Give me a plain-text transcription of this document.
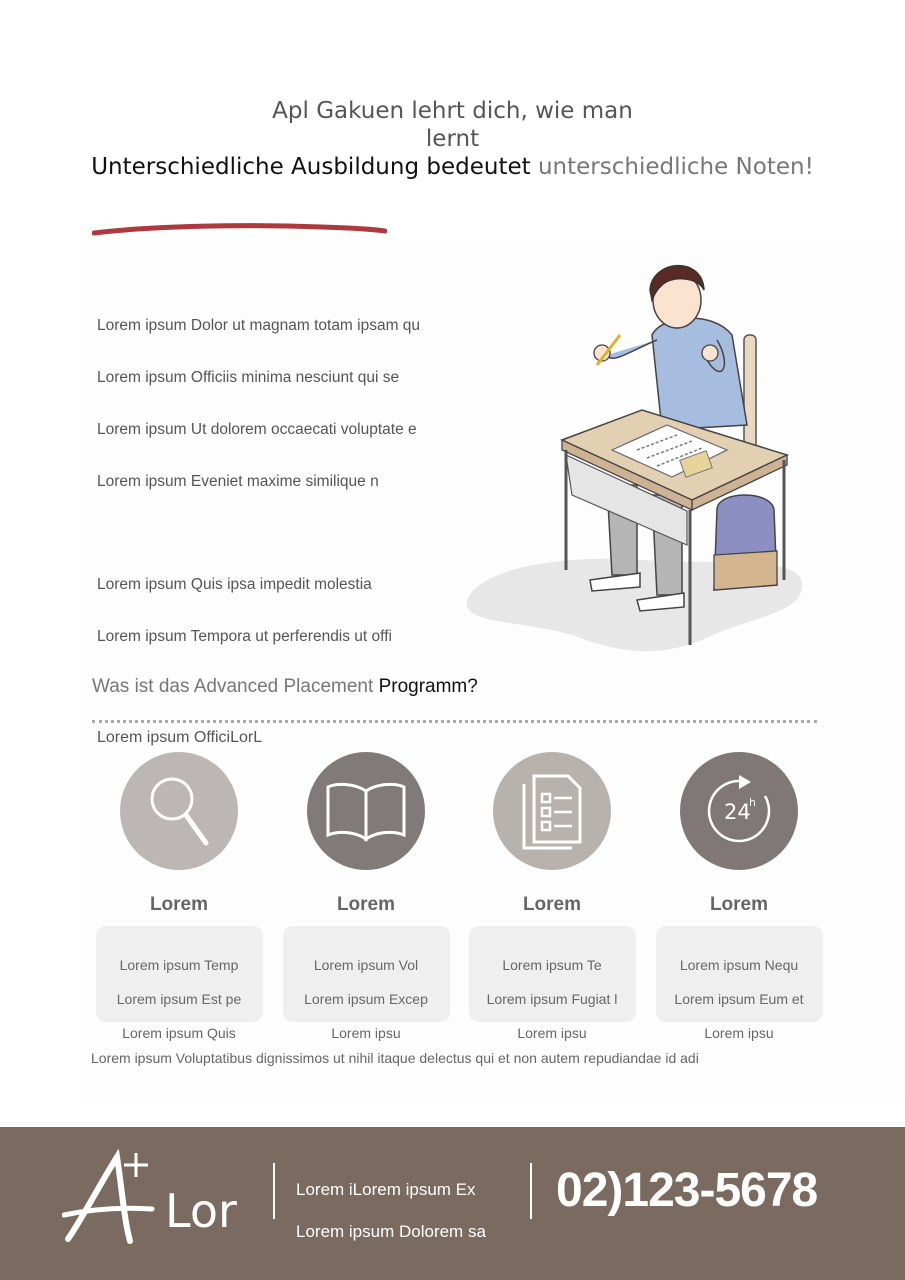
Apl Gakuen lehrt dich, wie man
lernt
Unterschiedliche Ausbildung bedeutet unterschiedliche Noten!
Lorem ipsum Dolor ut magnam totam ipsam qu
Lorem ipsum Officiis minima nesciunt qui se
Lorem ipsum Ut dolorem occaecati voluptate e
Lorem ipsum Eveniet maxime similique n
Lorem ipsum Quis ipsa impedit molestia
Lorem ipsum Tempora ut perferendis ut offi
Was ist das Advanced Placement Programm?
Lorem ipsum OfficiLorL
Lorem
Lorem ipsum Temp
Lorem ipsum Est pe
Lorem ipsum Quis
Lorem
Lorem ipsum Vol
Lorem ipsum Excep
Lorem ipsu
Lorem
Lorem ipsum Te
Lorem ipsum Fugiat l
Lorem ipsu
24
h
Lorem
Lorem ipsum Nequ
Lorem ipsum Eum et
Lorem ipsu
Lorem ipsum Voluptatibus dignissimos ut nihil itaque delectus qui et non autem repudiandae id adi
Lor	Lorem iLorem ipsum Ex
Lorem ipsum Dolorem sa
02)123-5678
